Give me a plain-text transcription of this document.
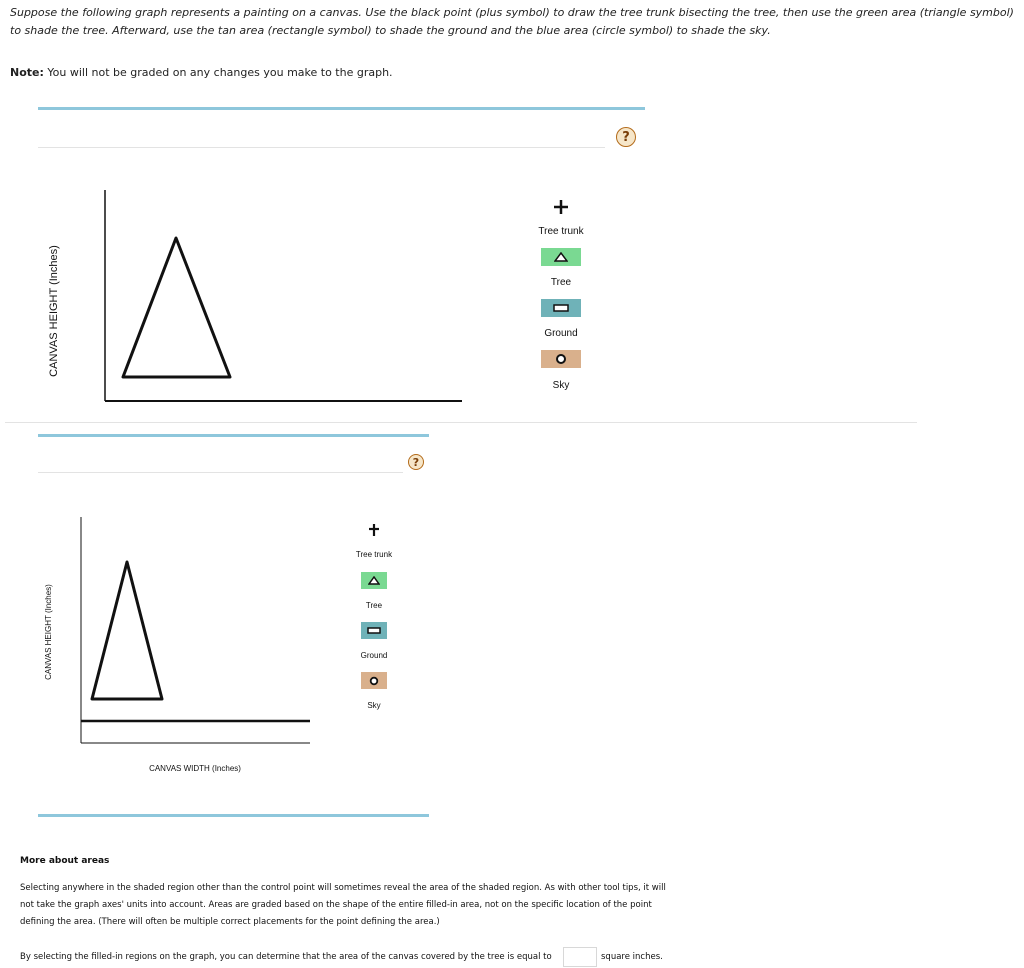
Suppose the following graph represents a painting on a canvas. Use the black point (plus symbol) to draw the tree trunk bisecting the tree, then use the green area (triangle symbol) to shade the tree. Afterward, use the tan area (rectangle symbol) to shade the ground and the blue area (circle symbol) to shade the sky.
Note: You will not be graded on any changes you make to the graph.
?
CANVAS HEIGHT (Inches)
Tree trunk
Tree
Ground
Sky
?
CANVAS HEIGHT (Inches)
CANVAS WIDTH (Inches)
Tree trunk
Tree
Ground
Sky
More about areas
Selecting anywhere in the shaded region other than the control point will sometimes reveal the area of the shaded region. As with other tool tips, it will not take the graph axes' units into account. Areas are graded based on the shape of the entire filled-in area, not on the specific location of the point defining the area. (There will often be multiple correct placements for the point defining the area.)
By selecting the filled-in regions on the graph, you can determine that the area of the canvas covered by the tree is equal to	square inches.
